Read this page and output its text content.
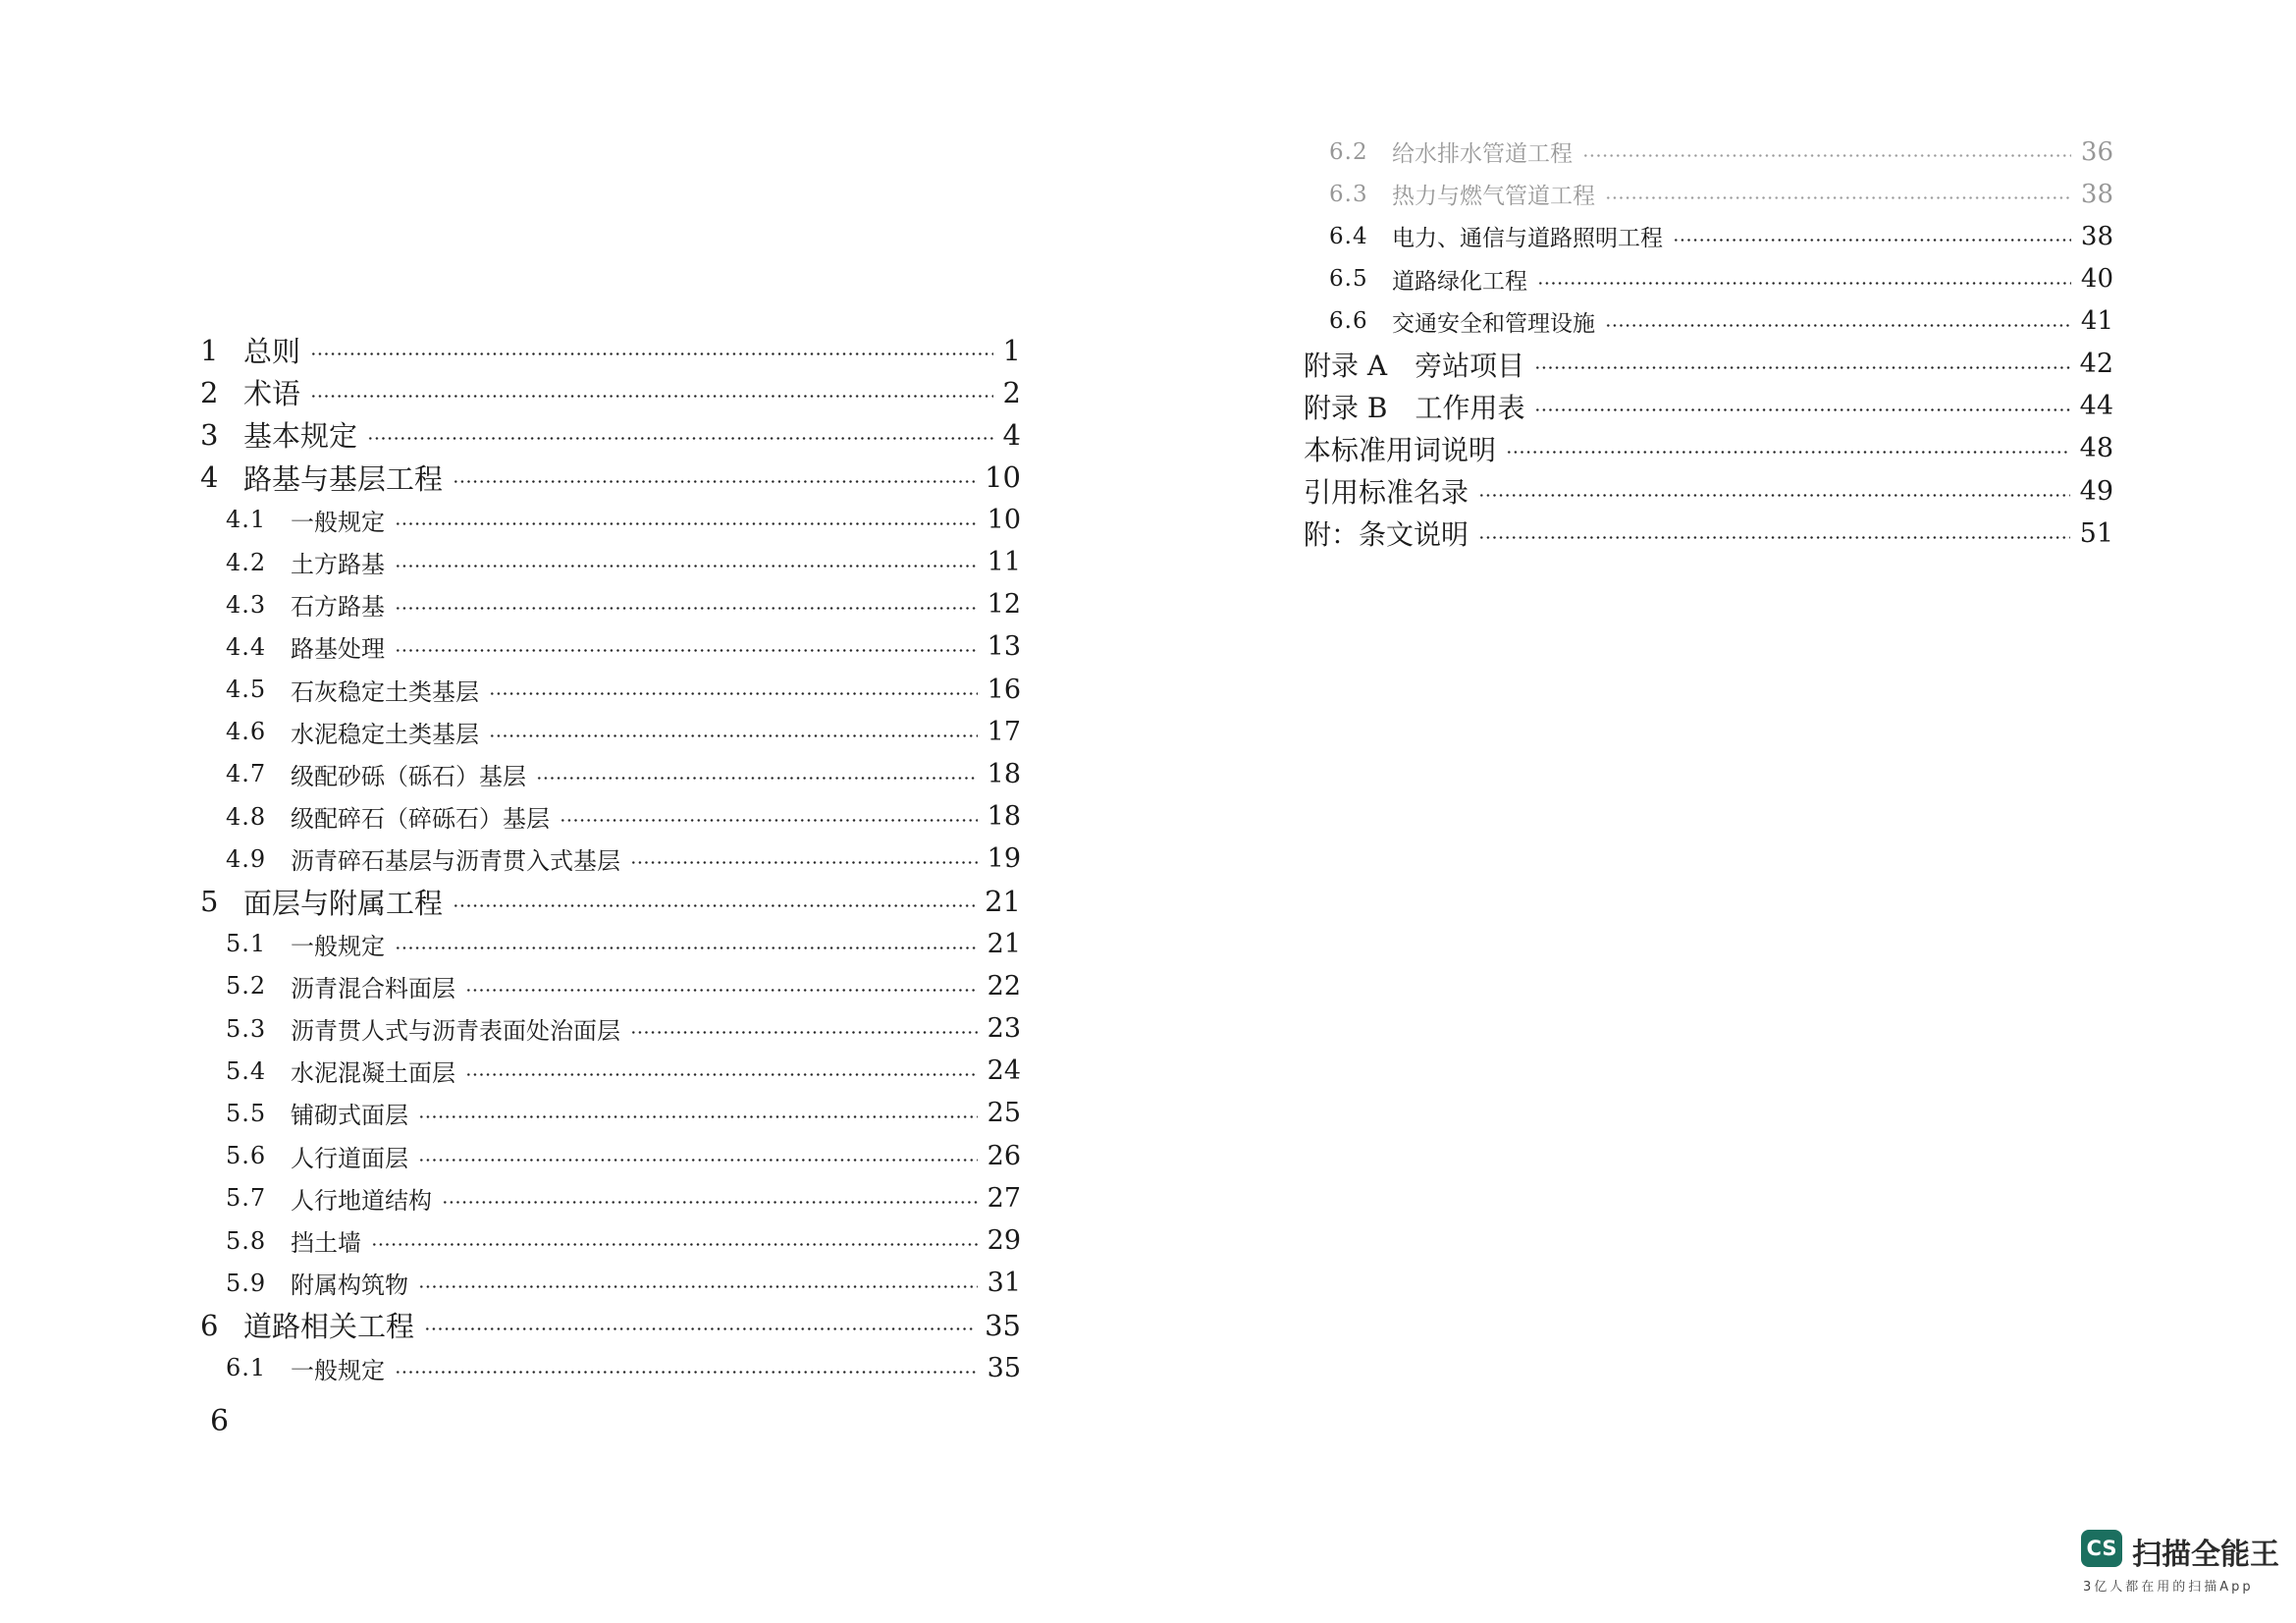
1 总则	1
2 术语	2
3 基本规定	4
4 路基与基层工程	10
4.1	一般规定	10
4.2	土方路基	11
4.3	石方路基	12
4.4	路基处理	13
4.5	石灰稳定土类基层	16
4.6	水泥稳定土类基层	17
4.7	级配砂砾（砾石）基层	18
4.8	级配碎石（碎砾石）基层	18
4.9	沥青碎石基层与沥青贯入式基层	19
5 面层与附属工程	21
5.1	一般规定	21
5.2	沥青混合料面层	22
5.3	沥青贯人式与沥青表面处治面层	23
5.4	水泥混凝土面层	24
5.5	铺砌式面层	25
5.6	人行道面层	26
5.7	人行地道结构	27
5.8	挡土墙	29
5.9	附属构筑物	31
6 道路相关工程	35
6.1	一般规定	35
6.2	给水排水管道工程	36
6.3	热力与燃气管道工程	38
6.4	电力、通信与道路照明工程	38
6.5	道路绿化工程	40
6.6	交通安全和管理设施	41
附录 A　旁站项目	42
附录 B　工作用表	44
本标准用词说明	48
引用标准名录	49
附：条文说明	51
6
CS 扫描全能王
3亿人都在用的扫描App
